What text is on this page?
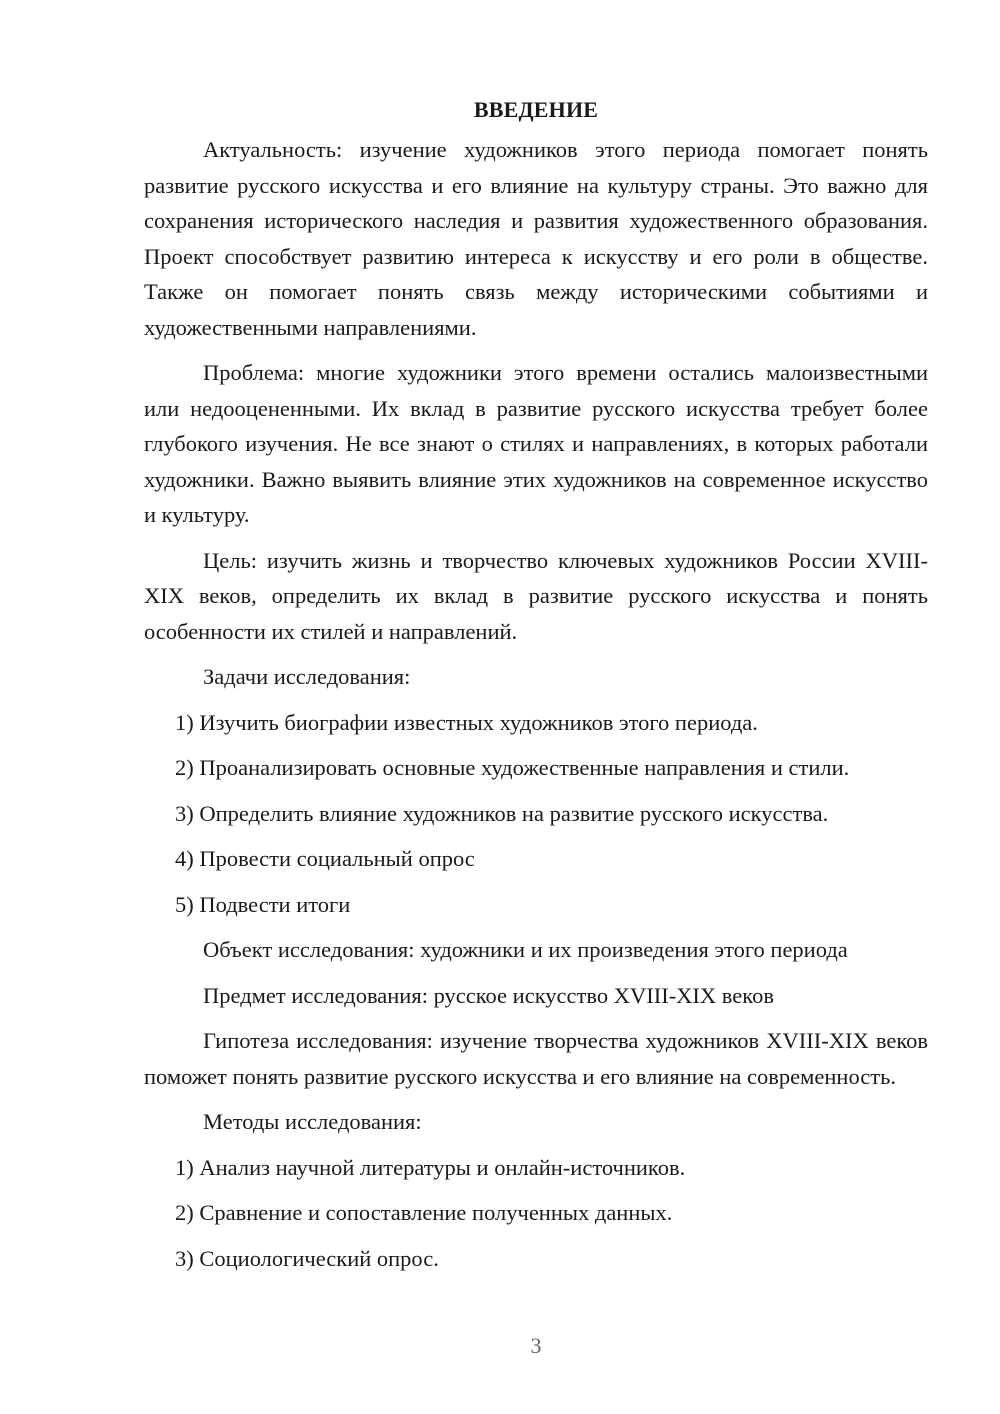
ВВЕДЕНИЕ

Актуальность: изучение художников этого периода помогает понять развитие русского искусства и его влияние на культуру страны. Это важно для сохранения исторического наследия и развития художественного образования. Проект способствует развитию интереса к искусству и его роли в обществе. Также он помогает понять связь между историческими событиями и художественными направлениями.

Проблема: многие художники этого времени остались малоизвестными или недооцененными. Их вклад в развитие русского искусства требует более глубокого изучения. Не все знают о стилях и направлениях, в которых работали художники. Важно выявить влияние этих художников на современное искусство и культуру.

Цель: изучить жизнь и творчество ключевых художников России XVIII-XIX веков, определить их вклад в развитие русского искусства и понять особенности их стилей и направлений.

Задачи исследования:

1) Изучить биографии известных художников этого периода.

2) Проанализировать основные художественные направления и стили.

3) Определить влияние художников на развитие русского искусства.

4) Провести социальный опрос

5) Подвести итоги

Объект исследования: художники и их произведения этого периода

Предмет исследования: русское искусство XVIII-XIX веков

Гипотеза исследования: изучение творчества художников XVIII-XIX веков поможет понять развитие русского искусства и его влияние на современность.

Методы исследования:

1) Анализ научной литературы и онлайн-источников.

2) Сравнение и сопоставление полученных данных.

3) Социологический опрос.

3
